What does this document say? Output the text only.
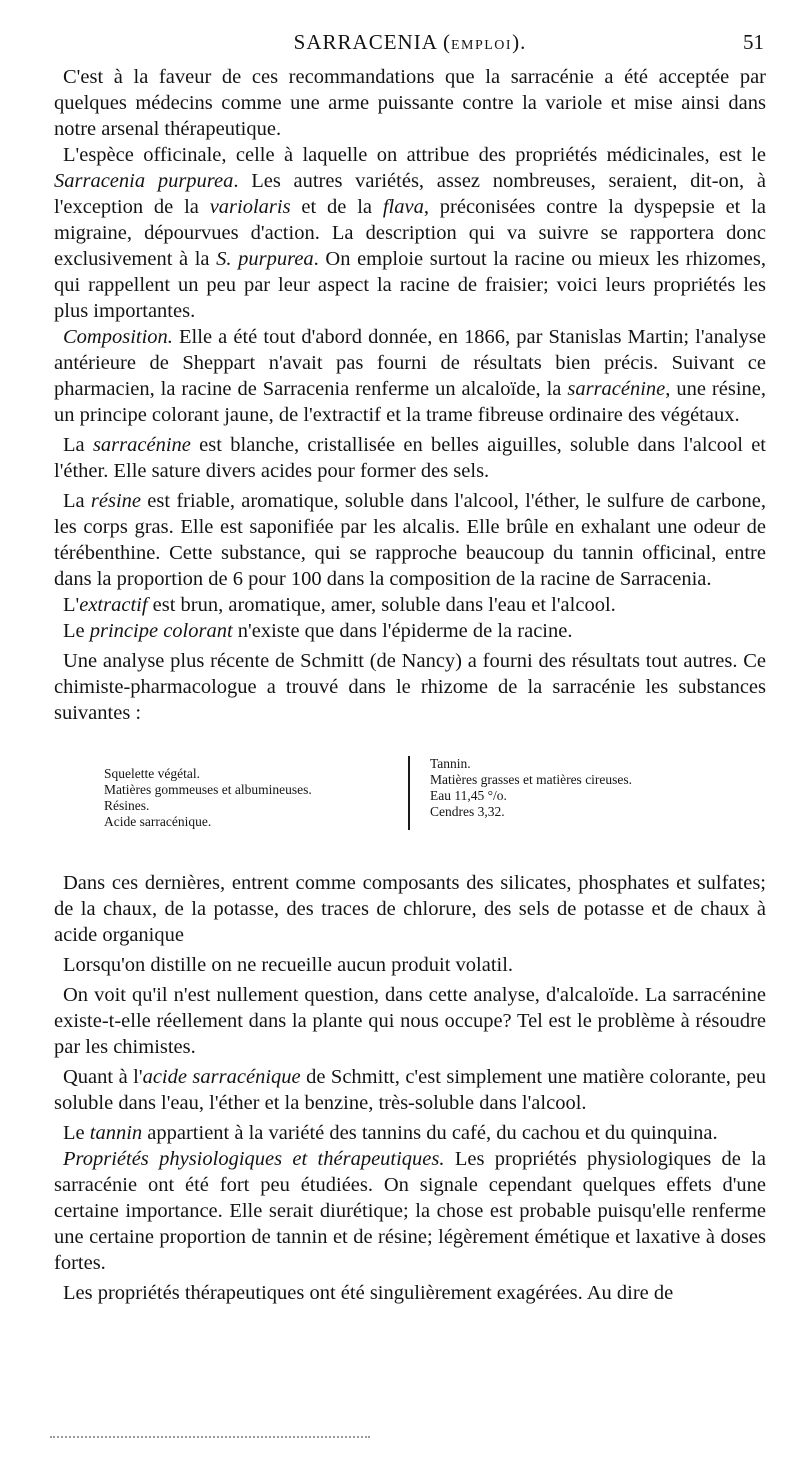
SARRACENIA (EMPLOI).	51

C'est à la faveur de ces recommandations que la sarracénie a été acceptée par quelques médecins comme une arme puissante contre la variole et mise ainsi dans notre arsenal thérapeutique.

L'espèce officinale, celle à laquelle on attribue des propriétés médicinales, est le Sarracenia purpurea. Les autres variétés, assez nombreuses, seraient, dit-on, à l'exception de la variolaris et de la flava, préconisées contre la dyspepsie et la migraine, dépourvues d'action. La description qui va suivre se rapportera donc exclusivement à la S. purpurea. On emploie surtout la racine ou mieux les rhizomes, qui rappellent un peu par leur aspect la racine de fraisier; voici leurs propriétés les plus importantes.

Composition. Elle a été tout d'abord donnée, en 1866, par Stanislas Martin; l'analyse antérieure de Sheppart n'avait pas fourni de résultats bien précis. Suivant ce pharmacien, la racine de Sarracenia renferme un alcaloïde, la sarracénine, une résine, un principe colorant jaune, de l'extractif et la trame fibreuse ordinaire des végétaux.

La sarracénine est blanche, cristallisée en belles aiguilles, soluble dans l'alcool et l'éther. Elle sature divers acides pour former des sels.

La résine est friable, aromatique, soluble dans l'alcool, l'éther, le sulfure de carbone, les corps gras. Elle est saponifiée par les alcalis. Elle brûle en exhalant une odeur de térébenthine. Cette substance, qui se rapproche beaucoup du tannin officinal, entre dans la proportion de 6 pour 100 dans la composition de la racine de Sarracenia.

L'extractif est brun, aromatique, amer, soluble dans l'eau et l'alcool.

Le principe colorant n'existe que dans l'épiderme de la racine.

Une analyse plus récente de Schmitt (de Nancy) a fourni des résultats tout autres. Ce chimiste-pharmacologue a trouvé dans le rhizome de la sarracénie les substances suivantes :

Squelette végétal.
Matières gommeuses et albumineuses.
Résines.
Acide sarracénique.
Tannin.
Matières grasses et matières cireuses.
Eau 11,45 °/o.
Cendres 3,32.

Dans ces dernières, entrent comme composants des silicates, phosphates et sulfates; de la chaux, de la potasse, des traces de chlorure, des sels de potasse et de chaux à acide organique

Lorsqu'on distille on ne recueille aucun produit volatil.

On voit qu'il n'est nullement question, dans cette analyse, d'alcaloïde. La sarracénine existe-t-elle réellement dans la plante qui nous occupe? Tel est le problème à résoudre par les chimistes.

Quant à l'acide sarracénique de Schmitt, c'est simplement une matière colorante, peu soluble dans l'eau, l'éther et la benzine, très-soluble dans l'alcool.

Le tannin appartient à la variété des tannins du café, du cachou et du quinquina.

Propriétés physiologiques et thérapeutiques. Les propriétés physiologiques de la sarracénie ont été fort peu étudiées. On signale cependant quelques effets d'une certaine importance. Elle serait diurétique; la chose est probable puisqu'elle renferme une certaine proportion de tannin et de résine; légèrement émétique et laxative à doses fortes.

Les propriétés thérapeutiques ont été singulièrement exagérées. Au dire de
